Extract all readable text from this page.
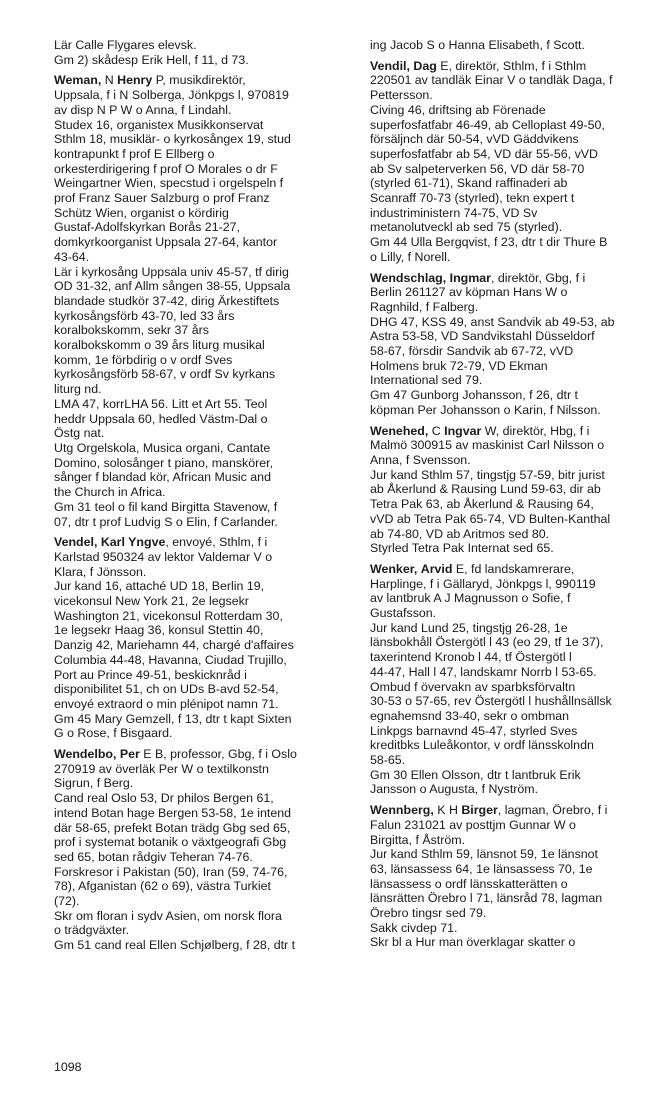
Lär Calle Flygares elevsk.

Gm 2) skådesp Erik Hell, f 11, d 73.

Weman, N Henry P, musikdirektör,
Uppsala, f i N Solberga, Jönkpgs l, 970819
av disp N P W o Anna, f Lindahl.

Studex 16, organistex Musikkonservat
Sthlm 18, musiklär- o kyrkosångex 19, stud
kontrapunkt f prof E Ellberg o
orkesterdirigering f prof O Morales o dr F
Weingartner Wien, specstud i orgelspeln f
prof Franz Sauer Salzburg o prof Franz
Schütz Wien, organist o kördirig
Gustaf-Adolfskyrkan Borås 21-27,
domkyrkoorganist Uppsala 27-64, kantor
43-64.

Lär i kyrkosång Uppsala univ 45-57, tf dirig
OD 31-32, anf Allm sången 38-55, Uppsala
blandade studkör 37-42, dirig Ärkestiftets
kyrkosångsförb 43-70, led 33 års
koralbokskomm, sekr 37 års
koralbokskomm o 39 års liturg musikal
komm, 1e förbdirig o v ordf Sves
kyrkosångsförb 58-67, v ordf Sv kyrkans
liturg nd.

LMA 47, korrLHA 56. Litt et Art 55. Teol
heddr Uppsala 60, hedled Västm-Dal o
Östg nat.

Utg Orgelskola, Musica organi, Cantate
Domino, solosånger t piano, manskörer,
sånger f blandad kör, African Music and
the Church in Africa.

Gm 31 teol o fil kand Birgitta Stavenow, f
07, dtr t prof Ludvig S o Elin, f Carlander.

Vendel, Karl Yngve, envoyé, Sthlm, f i
Karlstad 950324 av lektor Valdemar V o
Klara, f Jönsson.

Jur kand 16, attaché UD 18, Berlin 19,
vicekonsul New York 21, 2e legsekr
Washington 21, vicekonsul Rotterdam 30,
1e legsekr Haag 36, konsul Stettin 40,
Danzig 42, Mariehamn 44, chargé d'affaires
Columbia 44-48, Havanna, Ciudad Trujillo,
Port au Prince 49-51, beskicknråd i
disponibilitet 51, ch on UDs B-avd 52-54,
envoyé extraord o min plénipot namn 71.

Gm 45 Mary Gemzell, f 13, dtr t kapt Sixten
G o Rose, f Bisgaard.

Wendelbo, Per E B, professor, Gbg, f i Oslo
270919 av överläk Per W o textilkonstn
Sigrun, f Berg.

Cand real Oslo 53, Dr philos Bergen 61,
intend Botan hage Bergen 53-58, 1e intend
där 58-65, prefekt Botan trädg Gbg sed 65,
prof i systemat botanik o växtgeografi Gbg
sed 65, botan rådgiv Teheran 74-76.

Forskresor i Pakistan (50), Iran (59, 74-76,
78), Afganistan (62 o 69), västra Turkiet
(72).

Skr om floran i sydv Asien, om norsk flora
o trädgväxter.

Gm 51 cand real Ellen Schjølberg, f 28, dtr t

ing Jacob S o Hanna Elisabeth, f Scott.

Vendil, Dag E, direktör, Sthlm, f i Sthlm
220501 av tandläk Einar V o tandläk Daga, f
Pettersson.

Civing 46, driftsing ab Förenade
superfosfatfabr 46-49, ab Celloplast 49-50,
försäljnch där 50-54, vVD Gäddvikens
superfosfatfabr ab 54, VD där 55-56, vVD
ab Sv salpeterverken 56, VD där 58-70
(styrled 61-71), Skand raffinaderi ab
Scanraff 70-73 (styrled), tekn expert t
industriministern 74-75, VD Sv
metanolutveckl ab sed 75 (styrled).

Gm 44 Ulla Bergqvist, f 23, dtr t dir Thure B
o Lilly, f Norell.

Wendschlag, Ingmar, direktör, Gbg, f i
Berlin 261127 av köpman Hans W o
Ragnhild, f Falberg.

DHG 47, KSS 49, anst Sandvik ab 49-53, ab
Astra 53-58, VD Sandvikstahl Düsseldorf
58-67, försdir Sandvik ab 67-72, vVD
Holmens bruk 72-79, VD Ekman
International sed 79.

Gm 47 Gunborg Johansson, f 26, dtr t
köpman Per Johansson o Karin, f Nilsson.

Wenehed, C Ingvar W, direktör, Hbg, f i
Malmö 300915 av maskinist Carl Nilsson o
Anna, f Svensson.

Jur kand Sthlm 57, tingstjg 57-59, bitr jurist
ab Åkerlund & Rausing Lund 59-63, dir ab
Tetra Pak 63, ab Åkerlund & Rausing 64,
vVD ab Tetra Pak 65-74, VD Bulten-Kanthal
ab 74-80, VD ab Aritmos sed 80.

Styrled Tetra Pak Internat sed 65.

Wenker, Arvid E, fd landskamrerare,
Harplinge, f i Gällaryd, Jönkpgs l, 990119
av lantbruk A J Magnusson o Sofie, f
Gustafsson.

Jur kand Lund 25, tingstjg 26-28, 1e
länsbokhåll Östergötl l 43 (eo 29, tf 1e 37),
taxerintend Kronob l 44, tf Östergötl l
44-47, Hall l 47, landskamr Norrb l 53-65.

Ombud f övervakn av sparbksförvaltn
30-53 o 57-65, rev Östergötl l hushållnsällsk
egnahemsnd 33-40, sekr o ombman
Linkpgs barnavnd 45-47, styrled Sves
kreditbks Luleåkontor, v ordf länsskolndn
58-65.

Gm 30 Ellen Olsson, dtr t lantbruk Erik
Jansson o Augusta, f Nyström.

Wennberg, K H Birger, lagman, Örebro, f i
Falun 231021 av posttjm Gunnar W o
Birgitta, f Åström.

Jur kand Sthlm 59, länsnot 59, 1e länsnot
63, länsassess 64, 1e länsassess 70, 1e
länsassess o ordf länsskatterätten o
länsrätten Örebro l 71, länsråd 78, lagman
Örebro tingsr sed 79.

Sakk civdep 71.

Skr bl a Hur man överklagar skatter o

1098
